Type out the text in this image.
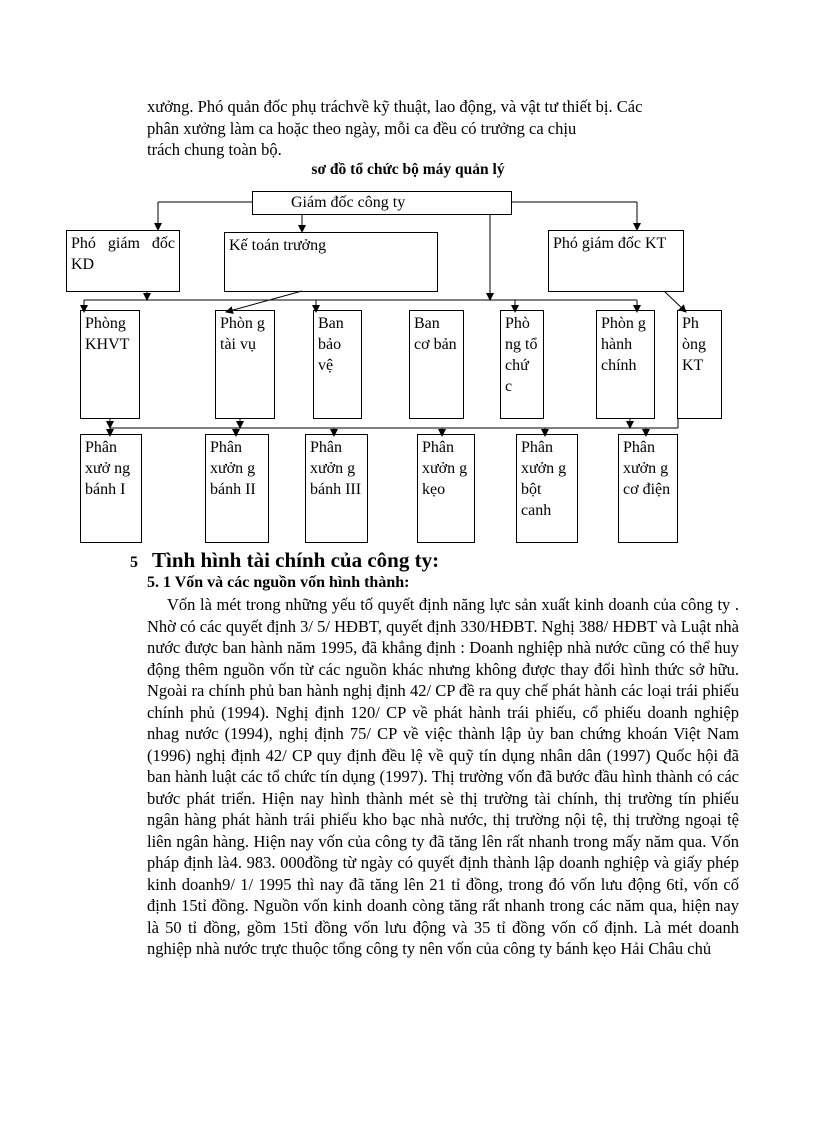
xưởng. Phó quản đốc phụ tráchvề kỹ thuật, lao động, và vật tư thiết bị. Các
phân xưởng làm ca hoặc theo ngày, mỗi ca đều có trưởng ca chịu
trách chung toàn bộ.
sơ đồ tổ chức bộ máy quản lý
Giám đốc công ty
Phó giám đốc KD
Kế toán trưởng	Phó giám đốc KT
Phòng KHVT
Phòn g
tài vụ
Ban bảo vệ
Ban cơ bản
Phò ng tổ chứ c
Phòn g hành chính
Ph òng KT
Phân xưở ng bánh I
Phân xưởn g bánh II
Phân xưởn g bánh III
Phân xưởn g kẹo
Phân xưởn g bột canh
Phân xưởn g cơ điện
5 Tình hình tài chính của công ty:
5. 1 Vốn và các nguồn vốn hình thành:

Vốn là mét trong những yếu tố quyết định năng lực sản xuất kinh doanh của công ty . Nhờ có các quyết định 3/ 5/ HĐBT, quyết định 330/HĐBT. Nghị 388/ HĐBT và Luật nhà nước được ban hành năm 1995, đã khẳng định : Doanh nghiệp nhà nước cũng có thể huy động thêm nguồn vốn từ các nguồn khác nhưng không được thay đổi hình thức sở hữu. Ngoài ra chính phủ ban hành nghị định 42/ CP đề ra quy chế phát hành các loại trái phiếu chính phủ (1994). Nghị định 120/ CP về phát hành trái phiếu, cổ phiếu doanh nghiệp nhag nước (1994), nghị định 75/ CP về việc thành lập ủy ban chứng khoán Việt Nam (1996) nghị định 42/ CP quy định đều lệ về quỹ tín dụng nhân dân (1997) Quốc hội đã ban hành luật các tổ chức tín dụng (1997). Thị trường vốn đã bước đầu hình thành có các bước phát triển. Hiện nay hình thành mét sè thị trường tài chính, thị trường tín phiếu ngân hàng phát hành trái phiếu kho bạc nhà nước, thị trường nội tệ, thị trường ngoại tệ liên ngân hàng. Hiện nay vốn của công ty đã tăng lên rất nhanh trong mấy năm qua. Vốn pháp định là4. 983. 000đồng từ ngày có quyết định thành lập doanh nghiệp và giấy phép kinh doanh9/ 1/ 1995 thì nay đã tăng lên 21 tỉ đồng, trong đó vốn lưu động 6tỉ, vốn cố định 15tỉ đồng. Nguồn vốn kinh doanh còng tăng rất nhanh trong các năm qua, hiện nay là 50 tỉ đồng, gồm 15tỉ đồng vốn lưu động và 35 tỉ đồng vốn cố định. Là mét doanh nghiệp nhà nước trực thuộc tổng công ty nên vốn của công ty bánh kẹo Hải Châu chủ
